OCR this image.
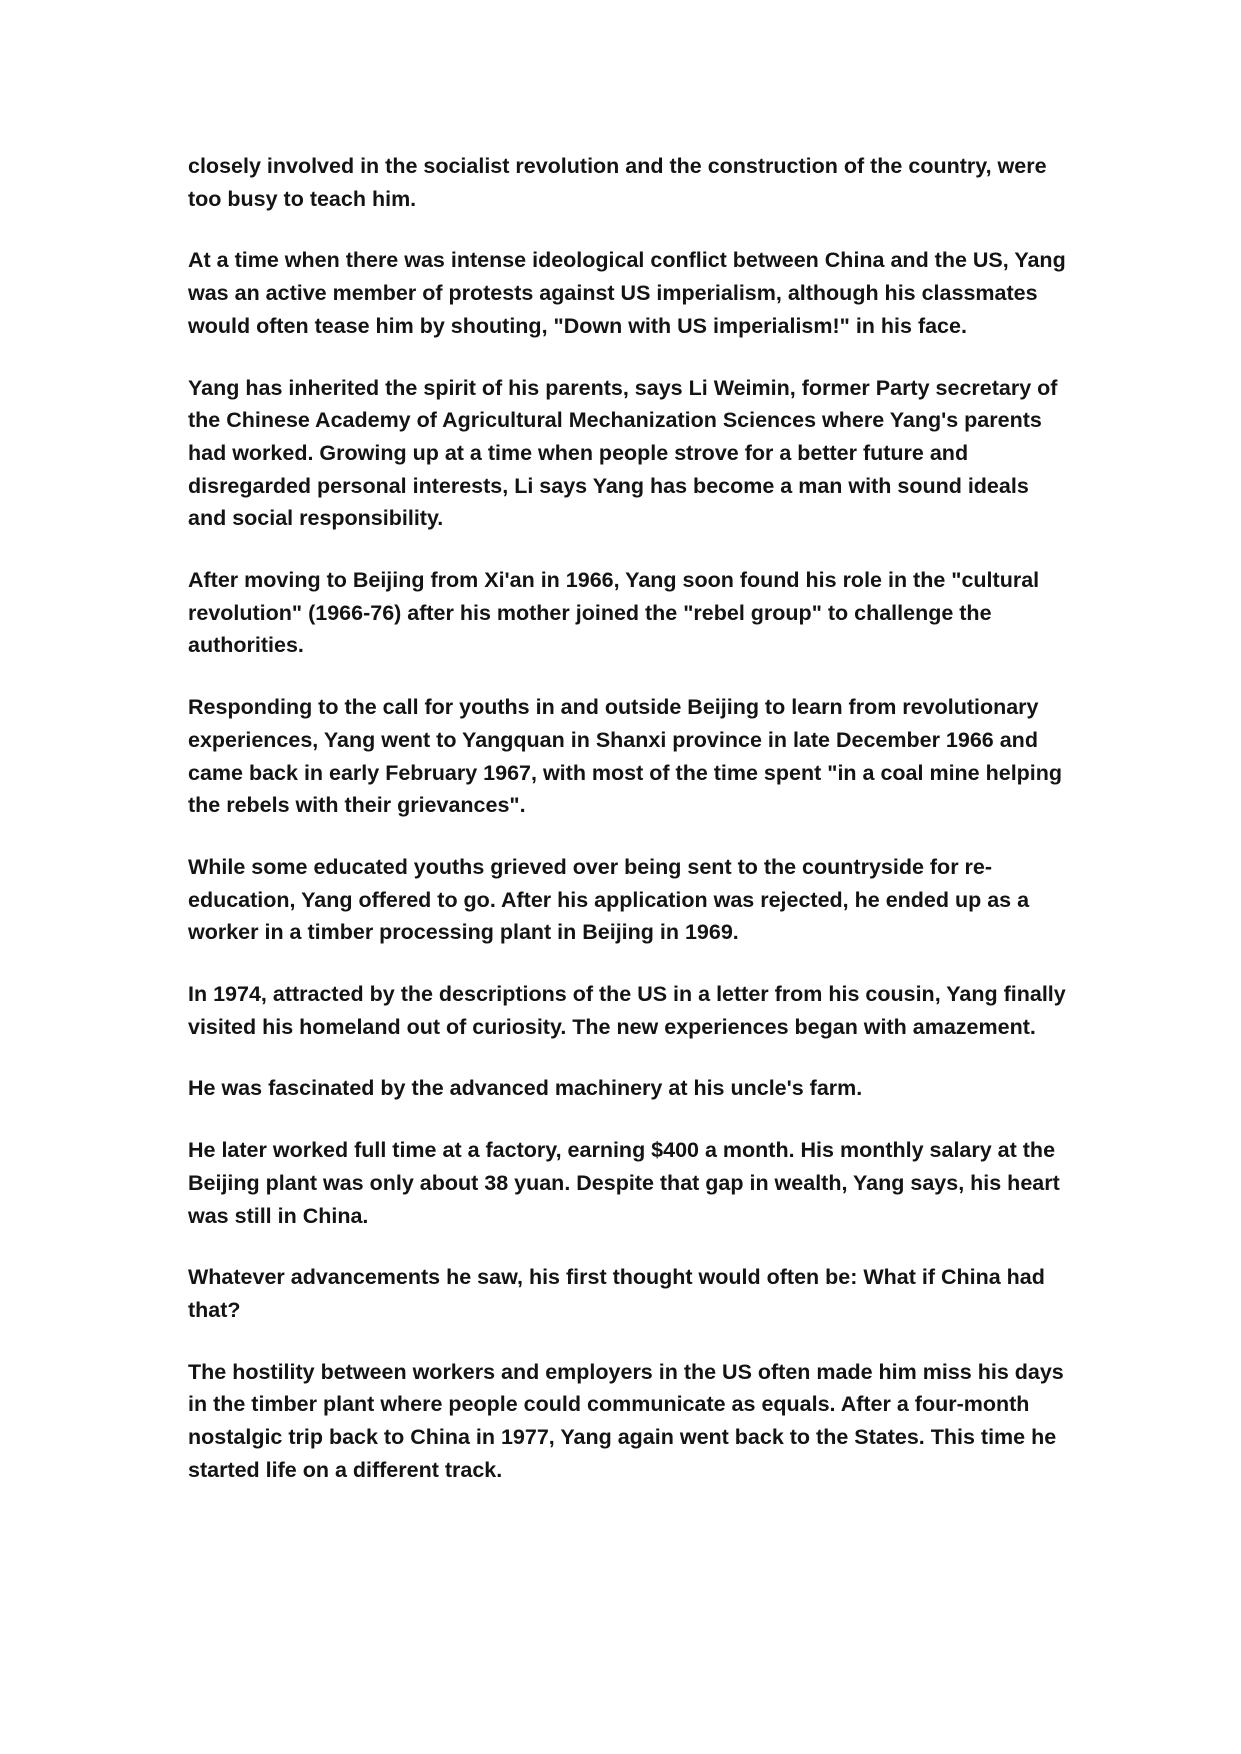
closely involved in the socialist revolution and the construction of the country, were too busy to teach him.

At a time when there was intense ideological conflict between China and the US, Yang was an active member of protests against US imperialism, although his classmates would often tease him by shouting, "Down with US imperialism!" in his face.

Yang has inherited the spirit of his parents, says Li Weimin, former Party secretary of the Chinese Academy of Agricultural Mechanization Sciences where Yang's parents had worked. Growing up at a time when people strove for a better future and disregarded personal interests, Li says Yang has become a man with sound ideals and social responsibility.

After moving to Beijing from Xi'an in 1966, Yang soon found his role in the "cultural revolution" (1966-76) after his mother joined the "rebel group" to challenge the authorities.

Responding to the call for youths in and outside Beijing to learn from revolutionary experiences, Yang went to Yangquan in Shanxi province in late December 1966 and came back in early February 1967, with most of the time spent "in a coal mine helping the rebels with their grievances".

While some educated youths grieved over being sent to the countryside for re-education, Yang offered to go. After his application was rejected, he ended up as a worker in a timber processing plant in Beijing in 1969.

In 1974, attracted by the descriptions of the US in a letter from his cousin, Yang finally visited his homeland out of curiosity. The new experiences began with amazement.

He was fascinated by the advanced machinery at his uncle's farm.

He later worked full time at a factory, earning $400 a month. His monthly salary at the Beijing plant was only about 38 yuan. Despite that gap in wealth, Yang says, his heart was still in China.

Whatever advancements he saw, his first thought would often be: What if China had that?

The hostility between workers and employers in the US often made him miss his days in the timber plant where people could communicate as equals. After a four-month nostalgic trip back to China in 1977, Yang again went back to the States. This time he started life on a different track.
